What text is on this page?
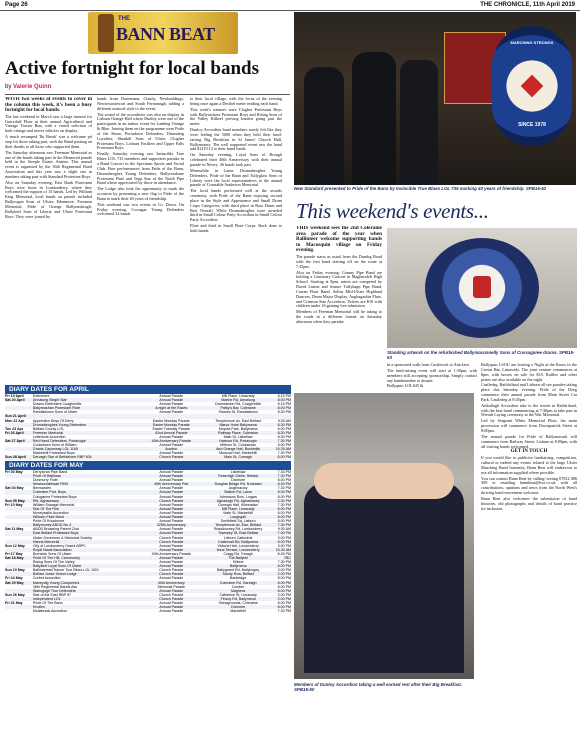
Page 26	THE CHRONICLE, 11th April 2019
THE
BANN BEAT
Active fortnight for local bands
by Valerie Quinn

WITH two weeks of events to cover in the column this week, it's been a busy fortnight for local bands.

The last weekend in March saw a large turnout for Garryduff Flute at their annual Agricultural and Vintage Tractor Run, with a varied selection of both vintage and newer vehicles on display.

A much revamped 'Ilu Break' was a welcome pit stop for those taking part, with the Band passing on their thanks to all those who supported them.

The Saturday afternoon saw Freeman Memorial as one of the bands taking part in the Memorial parade held in the Steeple Estate, Antrim. This annual event is organised by the 36th Regimental Band Association and this year saw a slight rise in numbers taking part with Standard Protestant Boys.

Also on Saturday evening, East Bank Protestant Boys were hosts in Londonderry, where they welcomed the support of 15 bands. Led by William King Memorial, local bands on parade included Ballyrogan Sons of Ulster, Edenmore, Freeman Memorial, Pride of Orange Ballynaskeagh, Ballykeel Sons of Liberty and Ulster Protestant Boys. They were joined by

bands from Donemana, Claudy, Newbuildings, Newtownstewart and South Fermanagh, adding a different musical style to the event.

The sound of the accordions was also on display in Lisburn Orange Hall where Dunloy were one of the participants in an indoor event for Lambeg Orange & Blue. Joining them on the programme were Pride of the Shore, Portadown Defenders, Drumderg Loyalists, Shankill Sons of Ulster, Clogher Protestant Boys, Lisburn Fusiliers and Upper Falls Protestant Boys.

Finally, Saturday evening saw Invincible True Blues LOL 735 members and supporters partake in a Band Concert in the Spectrum Sports and Social Club. Fine performances from Pride of the Bann, Drumaheoghes Young Defenders, Ballyreashane Protestant Flute and Topp Star of the North Pipe Band where appreciated by those in attendance.

The Lodge also took the opportunity to mark the occasion by presenting a new flag to Pride of the Bann to mark their 40 years of friendship.

This weekend saw two events in Co. Down. On Friday evening, Cossagar Young Defenders welcomed 32 bands

to their local village, with the focus of the evening being once again a Decibel meter reading each band.

This week's winners were Clogher Protestant Boys with Ballyrashoes Protestant Boys and Rising Sons of the Valley Kilkeel proving loudest going past the meter.

Dunloy Accordion band members surely felt like they were feeling the 5000 when they held their fund-raising Big Breakfast in St James' Church Hall, Ballymoney. The well supported event saw the band add $1219.12 to their band funds.

On Saturday evening, Loyal Sons of Brough celebrated their 40th Anniversary with their annual parade in Newry. 36 bands took part.

Meanwhile in Larne, Drumaheoghes Young Defenders, Pride of the Bann and Tullyglass Sons of Liberty were the local representatives at the annual parade of Constable Anderson Memorial.

The local bands performed well at the awards ceremony, with Pride of the Bann enjoying second place in the Style and Appearance and Small Drum Corps Categories, with third place in Bass Drum and Best Overall. While Drumaheoghes were awarded third in Small Colour Party Accordion in Small Colour Party Accordion.

Flute and third in Small Flute Corps. Back done to both bands.

MARCHING STRONGS
SINCE 1978
New Standard presented to Pride of the Bann by Invincible True Blues LOL 735 marking 40 years of friendship. SPB15-52
This weekend's events...

THIS weekend sees the 2nd Coleraine area parade of the year when Ballinteer welcome supporting bands to Macosquin village on Friday evening.

The parade starts as usual from the Dundrg Road with the first band starting off on the route at 7.45pm.

Also on Friday evening, Cranny Pipe Band are holding a Centenary Concert in Magherafelt High School. Starting at 8pm, artists are compered by David Linton and feature Tullyhagn Pipe Band, Curran Flute Band, Sollus Mid-Ulster Highland Dancers, Drum Major Display, Aughagaskin Flute, and Crimson Star Accordion. Tickets are $10 with children under 16 gaining free admission.

Members of Freeman Memorial will be taking to the roads in a different format on Saturday afternoon when they partake

Standing artwork on the refurbished Ballymaconnelly Sons of Cossagaree drums. SPB15-53

in a sponsored walk from Castlerock to Articlave.

The fund-raising event will start at 1:30pm, with members still accepting sponsorship. Simply contact any bandmember to donate.

Ballyquin LOL645 &

Ballyquin LSOU are hosting a Night at the Races in the Crown Bar, Limavady. The joint venture commences at 8pm, with horses on sale for $10. Raffles and other prizes are also available on the night.

Castledeg, Rathfriland and Lisburn all see parades taking place this Saturday evening. Pride of the Deeg commence their annual parade from Main Street Car Park, Castledeg at 8:45pm.

Ardtullagh Accordion take to the streets in Rathfriland, with the best band commencing at 7:30pm to take part in Wreath Laying ceremony at the War Memorial.

Led by Sergeant White Memorial Flute, the main procession will commence from Downpatrick Street at 8:00pm.

The annual parade for Pride of Ballymacash will commence from Railway Street, Lisburn at 8:00pm, with all visiting bands welcomed.

GET IN TOUCH

If you would like to publicise fundraising, competition, cultural or indeed any events related to the large Ulster Marching Band fraternity, Bann Beat will endeavour to use all information supplied where possible.

You can contact Bann Beat by calling/ texting 07812 086 309 or emailing bannbeat@live.co.uk with all contributions, opinions and news from the North West's thriving band movement welcome.

Bann Beat also welcomes the submission of band histories, old photographs and details of band practice for inclusion.

Members of Dunloy Accordion taking a well earned rest after their Big Breakfast. SPB15-50
DIARY DATES FOR APRIL
Fri 19 April	Edenmore	Annual Parade	Mill Place, Limavady	8.15 PM
Sat 20 April	Annalong Single Star	Annual Parade	Marine Rd, Annalong	8.00 PM
Downs Defenders Coagh/mille	Annual Parade	Drumsledon Rd, Coagh/mille	8.15 PM
Ballyreashan Protestant Flute	A night at the Races	Patsy's Bar, Coleraine	8.00 PM
Randalstown Sons of Ulster	Annual Parade	Shanes St, Randalstown	8.30 PM
Sun 21 April
Mon 22 Apr	Apprentice Boys Of Derry	Easter Monday Parade	Templemore Av, East Belfast	9.00 AM
Drumaheoghes Young Defenders	Easter Monday Parade	Manor Hotel Ballymena	8.30 PM
Tue 23 Apr	Belfast County LOL	Easter Tuesday Parade	Moyola Park, Ballymena	6.00 PM
Fri 26 April	Freeman Memorial	42nd Annual Parade	Railway Place, Coleraine	8.30 PM
Letterkule Accordion	Annual Parade	Main St, Lisbellaw	8.30 PM
Sat 27 April	Red Hand Defenders, Portavogie	40th Anniversary Parade	Harbour Rd, Portavogie	7.30 PM
Cookstown Sons of William	Annual Parade	Milburn St, Cookstown	8.00 PM
Grants Causeway LOL 1165	Auction	Aird Orange Hall, Bushmills	10.30 AM
Markethill Protestant Boys	Annual Parade	Moscow Hall, Markethill	7.30 PM
Sun 28 April	Dervagh Star of Bethlehem RBP 504	Church Parade	Main St, Comagh	6.00 PM
DIARY DATES FOR MAY
Fri 03 May	Derryloran Pipe Band	Annual Parade	Lisbellaw	7.30 PM
Pride Of Ballinran	Annual Parade	Rosemigh Glebe, Belfast	7.30 PM
Dunmurry Flute	Annual Parade	Dromore	8.00 PM
Newtownstewart RHD	40th Anniversary Pde	Douglas Bridge Rd, N'stewart	8.40 PM
Sat 04 May	Benwarden	Annual Parade	Aughnacloy	7.30 PM
Coleraine Prot. Boys	Annual Parade	Station Rd, Larne	8.00 PM
Cologanne Protestant Boys	Annual Parade	Johnstons Row, Lurgan	8.00 PM
Sun 05 May	Rfs. Aghadowey	Church Parade	Aghadogh Rd, Aghadowey	2.30 PM
Fri 10 May	William Sowage Memorial	Annual Parade	Donegal Hall, Kilmeadan	7.30 PM
Star Of The Roe	Annual Parade	Mill Place, Limavady	8.00 PM
Moneysallin Accordion	Annual Parade	Main St, Markethill	8.00 PM
Hilltown Flute Band	Annual Parade	Loughgall	8.00 PM
Pride Of Knocknore	Annual Parade	Smithfield Sq, Lisburn	8.00 PM
Ballymoney ABOD No 4	325th Anniversary	Templemore Av, Ean, Belfast	7.30 PM
Sat 11 May	ABOD Browning Parent Club	Annual Parade	Rossdowney Rd, Londonderry	9.00 AM
East Belfast Protestant Boys	Annual Parade	Townsley St, East Belfast	7.00 PM
Ulster Governers & Historical Society	Church Parade	Lisburn Cathedral	3.00 PM
Hanna Memorial	Church Parade	Castlecait Rd, Ballymena	6.00 PM
Sun 12 May	City of Londonderry Grand ABPC	Annual Parade	Victoria Hall, Londonderry	3.00 PM
Royal Naval Association	Annual Parade	Ilona Terrace, Londonderry	10.30 AM
Fri 17 May	Burnside Sons Of Ulster	40th Anniversary Parade	Cragg Rd, Omagh	8.45 PM
Sat 18 May	Pride Of The Hill, Carnmoney	Annual Parade	The Ballyhill	TBC
Rising Sons Of The Valley	Annual Parade	Kilkeel	7.30 PM
Ballykeel Loyal Sons Of Ulster	Annual Parade	Ballymena	8.00 PM
Sun 19 May	Ballinderran/Trance True Blues LOL 1001	Church Parade	Ballygrand Rd, Ballybogey	3.00 PM
Belfast Junior Grand Lodge	Church Parade	Sandy Row, Belfast	2.00 PM
Fri 24 May	Corbet Accordion	Annual Parade	Banbridge	8.00 PM
Sat 25 May	Maneydig Young Conquerors	40th Anniversary	Coleraine Rd, Garvagh	8.00 PM
36th Regimental Bands Ass	Memorial Parade	Comber	8.00 PM
Waringsgh True Defenders	Annual Parade	Maghera	8.00 PM
Sun 26 May	Star of the East RBP 97	Church Parade	Catherine St, Limavady	3.00 PM
Independent LOL	Church Parade	Finvoy Rd, Ballymena	2.00 PM
Fri 31 May	Pride Of The Bann	Annual Parade	Shewgrounds, Coleraine	8.00 PM
Knollen	Annual Parade	Dromore	8.00 PM
Mullabrack Accordion	Annual Parade	Markethill	7.30 PM
